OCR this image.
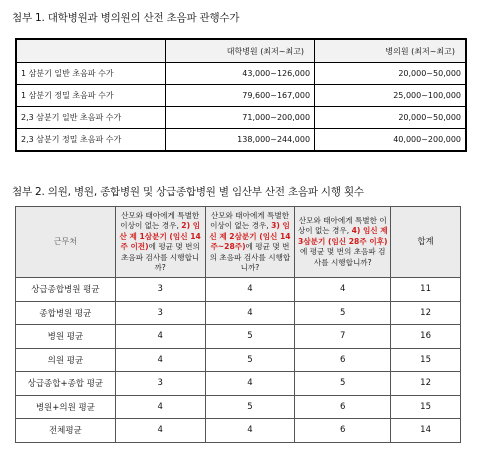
첨부 1. 대학병원과 병의원의 산전 초음파 관행수가
	대학병원 (최저~최고)	병의원 (최저~최고)
1 삼분기 일반 초음파 수가	43,000~126,000	20,000~50,000
1 삼분기 정밀 초음파 수가	79,600~167,000	25,000~100,000
2,3 삼분기 일반 초음파 수가	71,000~200,000	20,000~50,000
2,3 삼분기 정밀 초음파 수가	138,000~244,000	40,000~200,000
첨부 2. 의원, 병원, 종합병원 및 상급종합병원 별 임산부 산전 초음파 시행 횟수
근무처	산모와 태아에게 특별한 이상이 없는 경우, 2) 임산 제 1삼분기 (임신 14주 이전)에 평균 몇 번의 초음파 검사를 시행합니까?	산모와 태아에게 특별한 이상이 없는 경우, 3) 임신 제 2삼분기 (임신 14주~28주)에 평균 몇 번의 초음파 검사를 시행합니까?	산모와 태아에게 특별한 이상이 없는 경우, 4) 임신 제 3삼분기 (임신 28주 이후)에 평균 몇 번의 초음파 검사를 시행합니까?	합계
상급종합병원 평균	3	4	4	11
종합병원 평균	3	4	5	12
병원 평균	4	5	7	16
의원 평균	4	5	6	15
상급종합+종합 평균	3	4	5	12
병원+의원 평균	4	5	6	15
전체평균	4	4	6	14
